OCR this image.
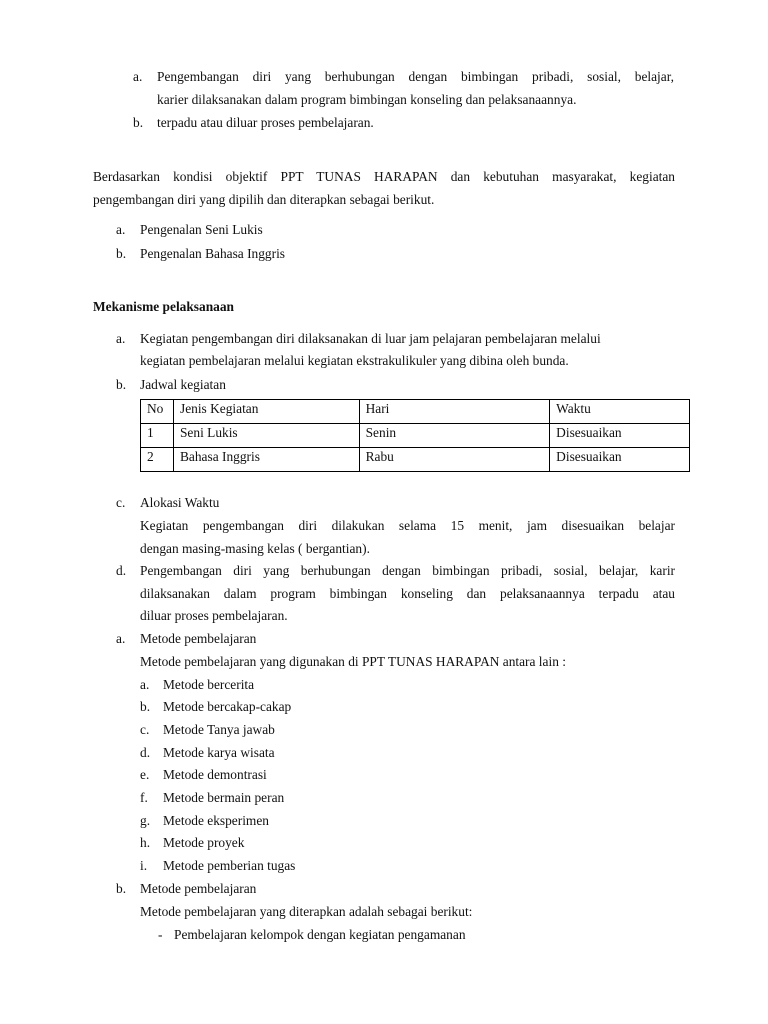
a. Pengembangan diri yang berhubungan dengan bimbingan pribadi, sosial, belajar,
karier dilaksanakan dalam program bimbingan konseling dan pelaksanaannya.
b. terpadu atau diluar proses pembelajaran.
Berdasarkan kondisi objektif PPT TUNAS HARAPAN dan kebutuhan masyarakat, kegiatan
pengembangan diri yang dipilih dan diterapkan sebagai berikut.
a. Pengenalan Seni Lukis
b. Pengenalan Bahasa Inggris
Mekanisme pelaksanaan
a. Kegiatan pengembangan diri dilaksanakan di luar jam pelajaran pembelajaran melalui
kegiatan pembelajaran melalui kegiatan ekstrakulikuler yang dibina oleh bunda.
b. Jadwal kegiatan
No	Jenis Kegiatan	Hari	Waktu
1	Seni Lukis	Senin	Disesuaikan
2	Bahasa Inggris	Rabu	Disesuaikan
c. Alokasi Waktu
Kegiatan pengembangan diri dilakukan selama 15 menit, jam disesuaikan belajar
dengan masing-masing kelas ( bergantian).
d. Pengembangan diri yang berhubungan dengan bimbingan pribadi, sosial, belajar, karir
dilaksanakan dalam program bimbingan konseling dan pelaksanaannya terpadu atau
diluar proses pembelajaran.
a. Metode pembelajaran
Metode pembelajaran yang digunakan di PPT TUNAS HARAPAN antara lain :
a. Metode bercerita
b. Metode bercakap-cakap
c. Metode Tanya jawab
d. Metode karya wisata
e. Metode demontrasi
f. Metode bermain peran
g. Metode eksperimen
h. Metode proyek
i. Metode pemberian tugas
b. Metode pembelajaran
Metode pembelajaran yang diterapkan adalah sebagai berikut:
- Pembelajaran kelompok dengan kegiatan pengamanan
